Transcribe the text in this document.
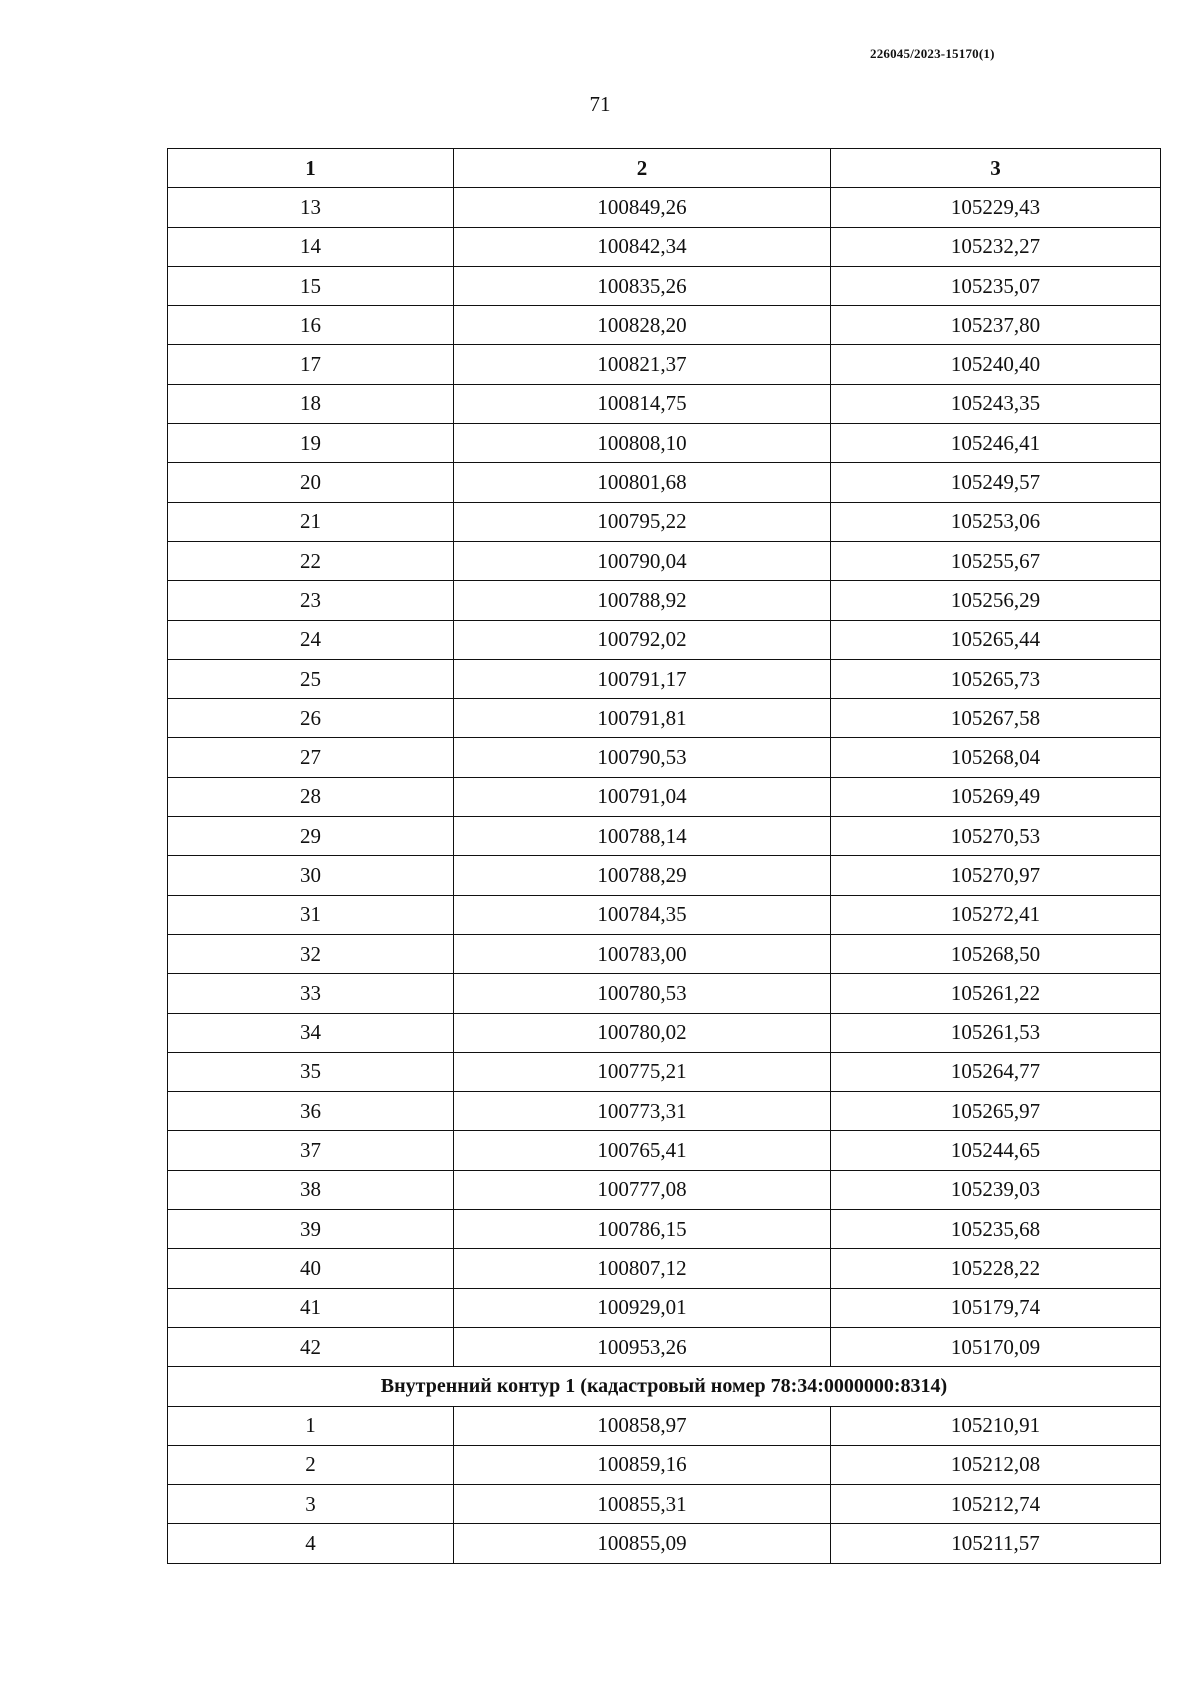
226045/2023-15170(1)
71
1	2	3
13	100849,26	105229,43
14	100842,34	105232,27
15	100835,26	105235,07
16	100828,20	105237,80
17	100821,37	105240,40
18	100814,75	105243,35
19	100808,10	105246,41
20	100801,68	105249,57
21	100795,22	105253,06
22	100790,04	105255,67
23	100788,92	105256,29
24	100792,02	105265,44
25	100791,17	105265,73
26	100791,81	105267,58
27	100790,53	105268,04
28	100791,04	105269,49
29	100788,14	105270,53
30	100788,29	105270,97
31	100784,35	105272,41
32	100783,00	105268,50
33	100780,53	105261,22
34	100780,02	105261,53
35	100775,21	105264,77
36	100773,31	105265,97
37	100765,41	105244,65
38	100777,08	105239,03
39	100786,15	105235,68
40	100807,12	105228,22
41	100929,01	105179,74
42	100953,26	105170,09
Внутренний контур 1 (кадастровый номер 78:34:0000000:8314)		
1	100858,97	105210,91
2	100859,16	105212,08
3	100855,31	105212,74
4	100855,09	105211,57
